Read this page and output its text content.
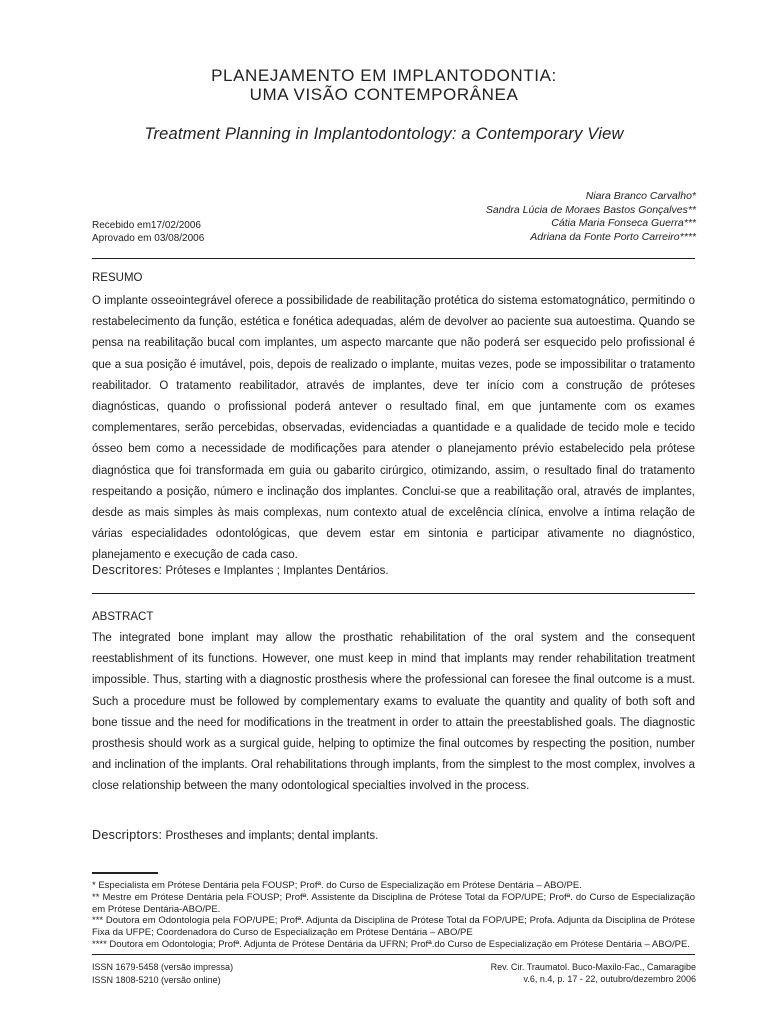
PLANEJAMENTO EM IMPLANTODONTIA:
UMA VISÃO CONTEMPORÂNEA
Treatment Planning in Implantodontology: a Contemporary View
Niara Branco Carvalho*
Sandra Lúcia de Moraes Bastos Gonçalves**
Cátia Maria Fonseca Guerra***
Adriana da Fonte Porto Carreiro****
Recebido em17/02/2006
Aprovado em 03/08/2006
RESUMO

O implante osseointegrável oferece a possibilidade de reabilitação protética do sistema estomatognático, permitindo o restabelecimento da função, estética e fonética adequadas, além de devolver ao paciente sua autoestima. Quando se pensa na reabilitação bucal com implantes, um aspecto marcante que não poderá ser esquecido pelo profissional é que a sua posição é imutável, pois, depois de realizado o implante, muitas vezes, pode se impossibilitar o tratamento reabilitador. O tratamento reabilitador, através de implantes, deve ter início com a construção de próteses diagnósticas, quando o profissional poderá antever o resultado final, em que juntamente com os exames complementares, serão percebidas, observadas, evidenciadas a quantidade e a qualidade de tecido mole e tecido ósseo bem como a necessidade de modificações para atender o planejamento prévio estabelecido pela prótese diagnóstica que foi transformada em guia ou gabarito cirúrgico, otimizando, assim, o resultado final do tratamento respeitando a posição, número e inclinação dos implantes. Conclui-se que a reabilitação oral, através de implantes, desde as mais simples às mais complexas, num contexto atual de excelência clínica, envolve a íntima relação de várias especialidades odontológicas, que devem estar em sintonia e participar ativamente no diagnóstico, planejamento e execução de cada caso.

Descritores: Próteses e Implantes ; Implantes Dentários.
ABSTRACT

The integrated bone implant may allow the prosthatic rehabilitation of the oral system and the consequent reestablishment of its functions. However, one must keep in mind that implants may render rehabilitation treatment impossible. Thus, starting with a diagnostic prosthesis where the professional can foresee the final outcome is a must. Such a procedure must be followed by complementary exams to evaluate the quantity and quality of both soft and bone tissue and the need for modifications in the treatment in order to attain the preestablished goals. The diagnostic prosthesis should work as a surgical guide, helping to optimize the final outcomes by respecting the position, number and inclination of the implants. Oral rehabilitations through implants, from the simplest to the most complex, involves a close relationship between the many odontological specialties involved in the process.

Descriptors: Prostheses and implants; dental implants.

* Especialista em Prótese Dentária pela FOUSP; Profª. do Curso de Especialização em Prótese Dentária – ABO/PE.

** Mestre em Prótese Dentária pela FOUSP; Profª. Assistente da Disciplina de Prótese Total da FOP/UPE; Profª. do Curso de Especialização em Prótese Dentária-ABO/PE.

*** Doutora em Odontologia pela FOP/UPE; Profª. Adjunta da Disciplina de Prótese Total da FOP/UPE; Profa. Adjunta da Disciplina de Prótese Fixa da UFPE; Coordenadora do Curso de Especialização em Prótese Dentária – ABO/PE

**** Doutora em Odontologia; Profª. Adjunta de Prótese Dentária da UFRN; Profª.do Curso de Especialização em Prótese Dentária – ABO/PE.

ISSN 1679-5458 (versão impressa)
ISSN 1808-5210 (versão online)
Rev. Cir. Traumatol. Buco-Maxilo-Fac., Camaragibe
v.6, n.4, p. 17 - 22, outubro/dezembro 2006
